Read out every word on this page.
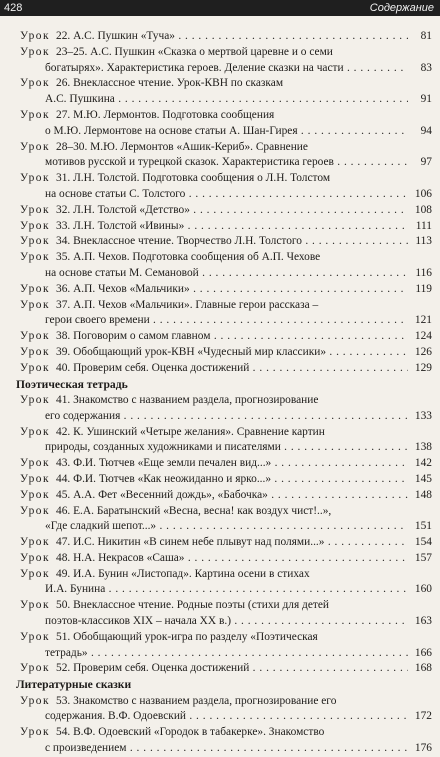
428	Содержание
Урок 22. А.С. Пушкин «Туча» . . .	81
Урок 23–25. А.С. Пушкин «Сказка о мертвой царевне и о семи
богатырях». Характеристика героев. Деление сказки на части . . .	83
Урок 26. Внеклассное чтение. Урок-КВН по сказкам
А.С. Пушкина . . .	91
Урок 27. М.Ю. Лермонтов. Подготовка сообщения
о М.Ю. Лермонтове на основе статьи А. Шан-Гирея . . .	94
Урок 28–30. М.Ю. Лермонтов «Ашик-Кериб». Сравнение
мотивов русской и турецкой сказок. Характеристика героев . . .	97
Урок 31. Л.Н. Толстой. Подготовка сообщения о Л.Н. Толстом
на основе статьи С. Толстого . . .	106
Урок 32. Л.Н. Толстой «Детство» . . .	108
Урок 33. Л.Н. Толстой «Ивины» . . .	111
Урок 34. Внеклассное чтение. Творчество Л.Н. Толстого . . .	113
Урок 35. А.П. Чехов. Подготовка сообщения об А.П. Чехове
на основе статьи М. Семановой . . .	116
Урок 36. А.П. Чехов «Мальчики» . . .	119
Урок 37. А.П. Чехов «Мальчики». Главные герои рассказа –
герои своего времени . . .	121
Урок 38. Поговорим о самом главном . . .	124
Урок 39. Обобщающий урок-КВН «Чудесный мир классики» . . .	126
Урок 40. Проверим себя. Оценка достижений . . .	129
Поэтическая тетрадь
Урок 41. Знакомство с названием раздела, прогнозирование
его содержания . . .	133
Урок 42. К. Ушинский «Четыре желания». Сравнение картин
природы, созданных художниками и писателями . . .	138
Урок 43. Ф.И. Тютчев «Еще земли печален вид...» . . .	142
Урок 44. Ф.И. Тютчев «Как неожиданно и ярко...» . . .	145
Урок 45. А.А. Фет «Весенний дождь», «Бабочка» . . .	148
Урок 46. Е.А. Баратынский «Весна, весна! как воздух чист!..»,
«Где сладкий шепот...» . . .	151
Урок 47. И.С. Никитин «В синем небе плывут над полями...» . . .	154
Урок 48. Н.А. Некрасов «Саша» . . .	157
Урок 49. И.А. Бунин «Листопад». Картина осени в стихах
И.А. Бунина . . .	160
Урок 50. Внеклассное чтение. Родные поэты (стихи для детей
поэтов-классиков XIX – начала XX в.) . . .	163
Урок 51. Обобщающий урок-игра по разделу «Поэтическая
тетрадь» . . .	166
Урок 52. Проверим себя. Оценка достижений . . .	168
Литературные сказки
Урок 53. Знакомство с названием раздела, прогнозирование его
содержания. В.Ф. Одоевский . . .	172
Урок 54. В.Ф. Одоевский «Городок в табакерке». Знакомство
с произведением . . .	176
